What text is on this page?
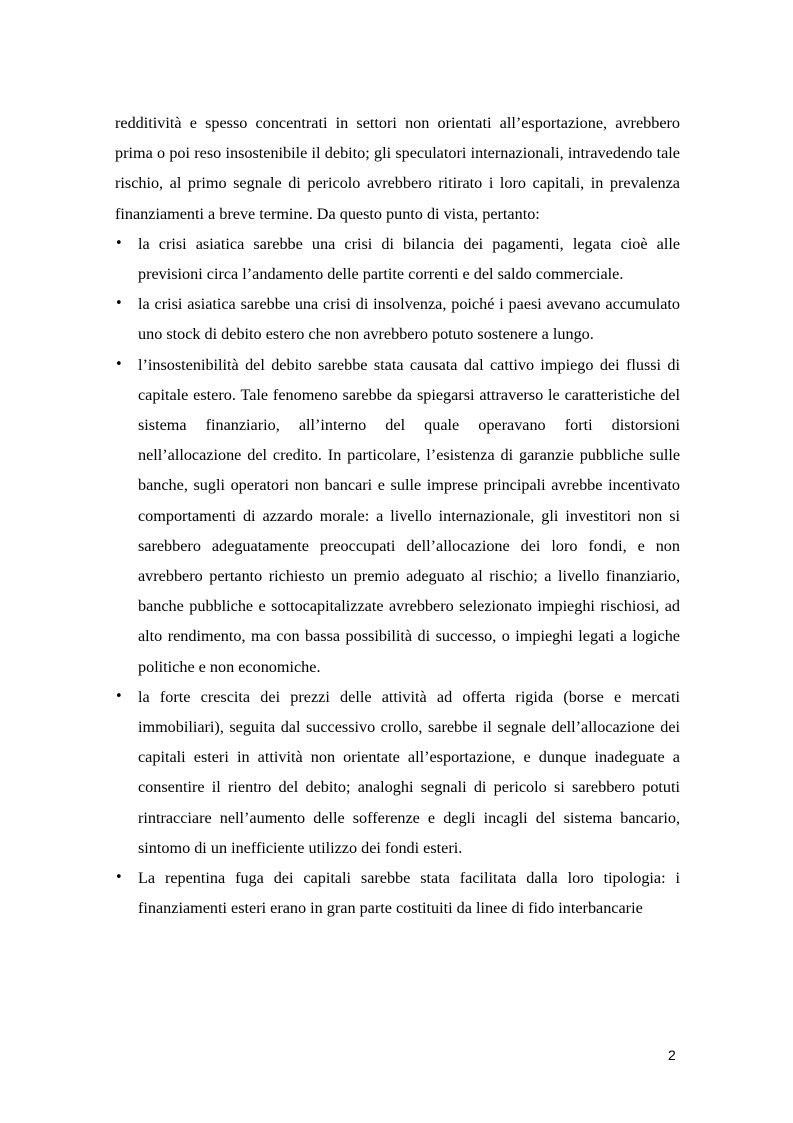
redditività e spesso concentrati in settori non orientati all’esportazione, avrebbero prima o poi reso insostenibile il debito; gli speculatori internazionali, intravedendo tale rischio, al primo segnale di pericolo avrebbero ritirato i loro capitali, in prevalenza finanziamenti a breve termine. Da questo punto di vista, pertanto:

• la crisi asiatica sarebbe una crisi di bilancia dei pagamenti, legata cioè alle previsioni circa l’andamento delle partite correnti e del saldo commerciale.
• la crisi asiatica sarebbe una crisi di insolvenza, poiché i paesi avevano accumulato uno stock di debito estero che non avrebbero potuto sostenere a lungo.
• l’insostenibilità del debito sarebbe stata causata dal cattivo impiego dei flussi di capitale estero. Tale fenomeno sarebbe da spiegarsi attraverso le caratteristiche del sistema finanziario, all’interno del quale operavano forti distorsioni nell’allocazione del credito. In particolare, l’esistenza di garanzie pubbliche sulle banche, sugli operatori non bancari e sulle imprese principali avrebbe incentivato comportamenti di azzardo morale: a livello internazionale, gli investitori non si sarebbero adeguatamente preoccupati dell’allocazione dei loro fondi, e non avrebbero pertanto richiesto un premio adeguato al rischio; a livello finanziario, banche pubbliche e sottocapitalizzate avrebbero selezionato impieghi rischiosi, ad alto rendimento, ma con bassa possibilità di successo, o impieghi legati a logiche politiche e non economiche.
• la forte crescita dei prezzi delle attività ad offerta rigida (borse e mercati immobiliari), seguita dal successivo crollo, sarebbe il segnale dell’allocazione dei capitali esteri in attività non orientate all’esportazione, e dunque inadeguate a consentire il rientro del debito; analoghi segnali di pericolo si sarebbero potuti rintracciare nell’aumento delle sofferenze e degli incagli del sistema bancario, sintomo di un inefficiente utilizzo dei fondi esteri.
• La repentina fuga dei capitali sarebbe stata facilitata dalla loro tipologia: i finanziamenti esteri erano in gran parte costituiti da linee di fido interbancarie
2
